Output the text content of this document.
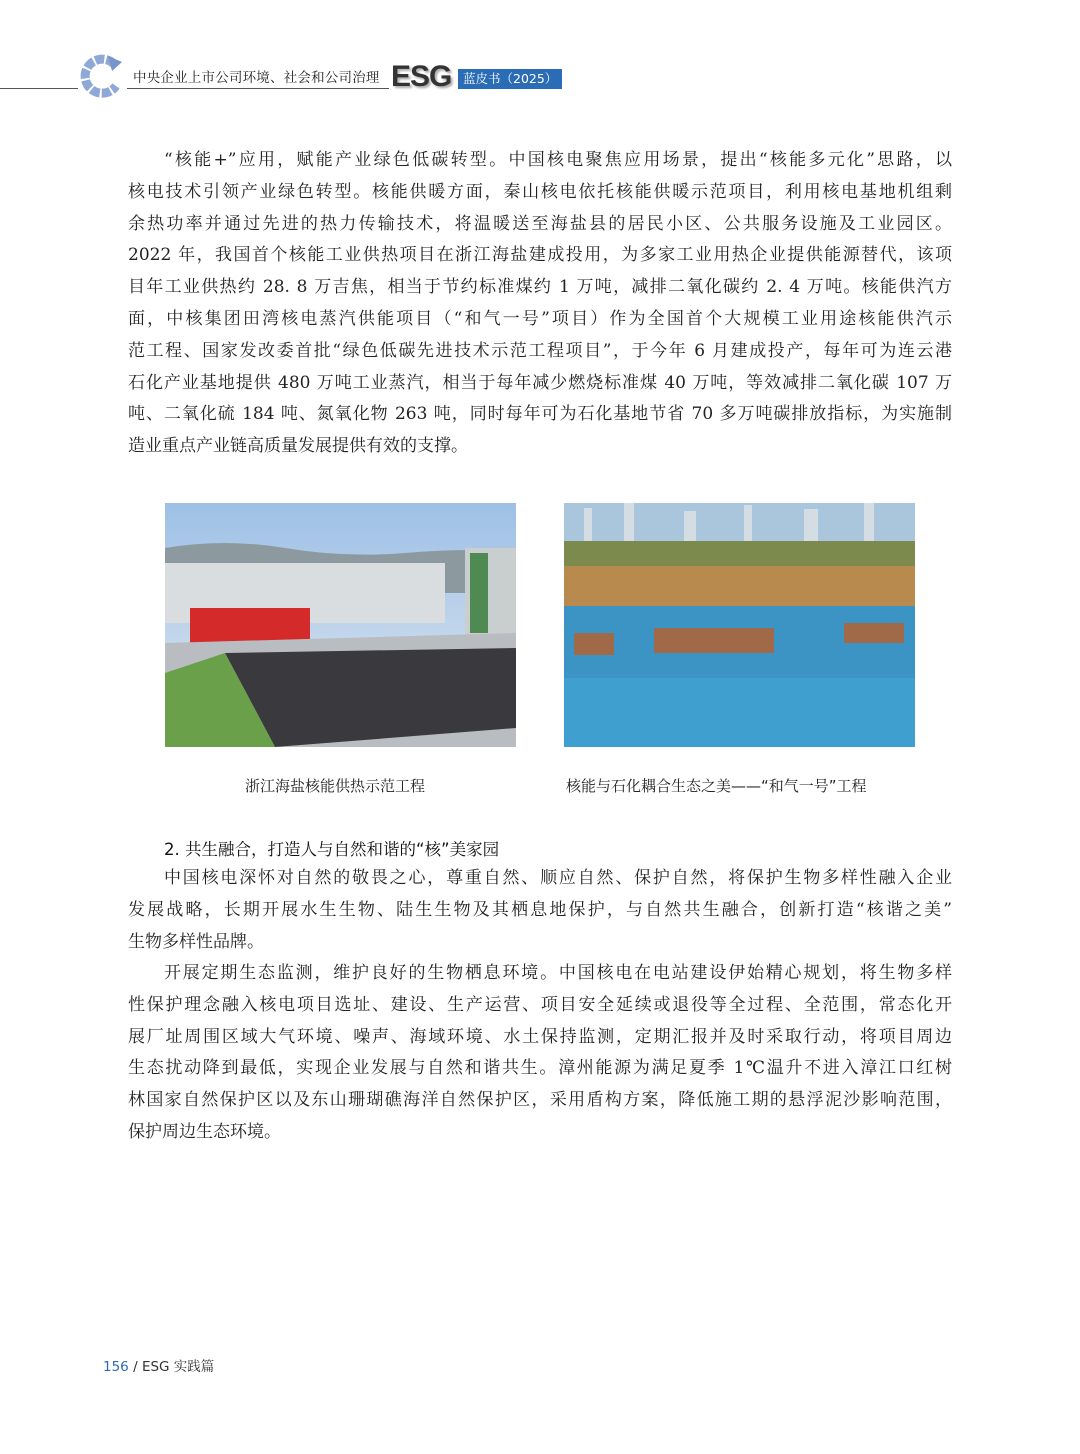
中央企业上市公司环境、社会和公司治理 ESG 蓝皮书（2025）
“核能+”应用，赋能产业绿色低碳转型。中国核电聚焦应用场景，提出“核能多元化”思路，以
核电技术引领产业绿色转型。核能供暖方面，秦山核电依托核能供暖示范项目，利用核电基地机组剩
余热功率并通过先进的热力传输技术，将温暖送至海盐县的居民小区、公共服务设施及工业园区。
2022 年，我国首个核能工业供热项目在浙江海盐建成投用，为多家工业用热企业提供能源替代，该项
目年工业供热约 28. 8 万吉焦，相当于节约标准煤约 1 万吨，减排二氧化碳约 2. 4 万吨。核能供汽方
面，中核集团田湾核电蒸汽供能项目（“和气一号”项目）作为全国首个大规模工业用途核能供汽示
范工程、国家发改委首批“绿色低碳先进技术示范工程项目”，于今年 6 月建成投产，每年可为连云港
石化产业基地提供 480 万吨工业蒸汽，相当于每年减少燃烧标准煤 40 万吨，等效减排二氧化碳 107 万
吨、二氧化硫 184 吨、氮氧化物 263 吨，同时每年可为石化基地节省 70 多万吨碳排放指标，为实施制
造业重点产业链高质量发展提供有效的支撑。
浙江海盐核能供热示范工程	核能与石化耦合生态之美——“和气一号”工程
2. 共生融合，打造人与自然和谐的“核”美家园
中国核电深怀对自然的敬畏之心，尊重自然、顺应自然、保护自然，将保护生物多样性融入企业
发展战略，长期开展水生生物、陆生生物及其栖息地保护，与自然共生融合，创新打造“核谐之美”
生物多样性品牌。
开展定期生态监测，维护良好的生物栖息环境。中国核电在电站建设伊始精心规划，将生物多样
性保护理念融入核电项目选址、建设、生产运营、项目安全延续或退役等全过程、全范围，常态化开
展厂址周围区域大气环境、噪声、海域环境、水土保持监测，定期汇报并及时采取行动，将项目周边
生态扰动降到最低，实现企业发展与自然和谐共生。漳州能源为满足夏季 1℃温升不进入漳江口红树
林国家自然保护区以及东山珊瑚礁海洋自然保护区，采用盾构方案，降低施工期的悬浮泥沙影响范围，
保护周边生态环境。
156 / ESG 实践篇
